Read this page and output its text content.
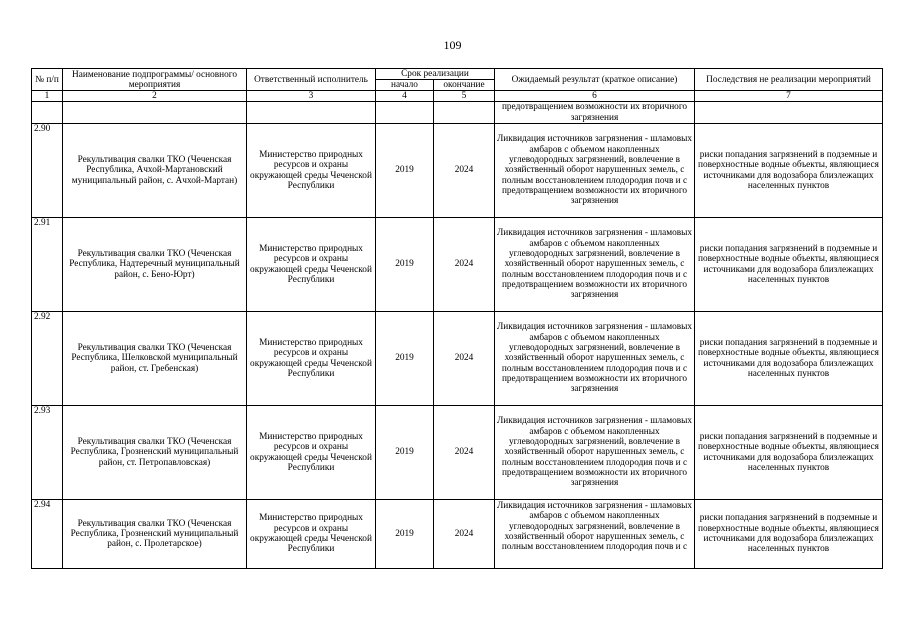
109
№ п/п	Наименование подпрограммы/ основного мероприятия	Ответственный исполнитель	Срок реализации		Ожидаемый результат (краткое описание)	Последствия не реализации мероприятий
			начало	окончание		
1	2	3	4	5	6	7
					предотвращением возможности их вторичного загрязнения	
2.90	Рекультивация свалки ТКО (Чеченская Республика, Ачхой-Мартановский муниципальный район, с. Ачхой-Мартан)	Министерство природных ресурсов и охраны окружающей среды Чеченской Республики	2019	2024	Ликвидация источников загрязнения - шламовых амбаров с объемом накопленных углеводородных загрязнений, вовлечение в хозяйственный оборот нарушенных земель, с полным восстановлением плодородия почв и с предотвращением возможности их вторичного загрязнения	риски попадания загрязнений в подземные и поверхностные водные объекты, являющиеся источниками для водозабора близлежащих населенных пунктов
2.91	Рекультивация свалки ТКО (Чеченская Республика, Надтеречный муниципальный район, с. Бено-Юрт)	Министерство природных ресурсов и охраны окружающей среды Чеченской Республики	2019	2024	Ликвидация источников загрязнения - шламовых амбаров с объемом накопленных углеводородных загрязнений, вовлечение в хозяйственный оборот нарушенных земель, с полным восстановлением плодородия почв и с предотвращением возможности их вторичного загрязнения	риски попадания загрязнений в подземные и поверхностные водные объекты, являющиеся источниками для водозабора близлежащих населенных пунктов
2.92	Рекультивация свалки ТКО (Чеченская Республика, Шелковской муниципальный район, ст. Гребенская)	Министерство природных ресурсов и охраны окружающей среды Чеченской Республики	2019	2024	Ликвидация источников загрязнения - шламовых амбаров с объемом накопленных углеводородных загрязнений, вовлечение в хозяйственный оборот нарушенных земель, с полным восстановлением плодородия почв и с предотвращением возможности их вторичного загрязнения	риски попадания загрязнений в подземные и поверхностные водные объекты, являющиеся источниками для водозабора близлежащих населенных пунктов
2.93	Рекультивация свалки ТКО (Чеченская Республика, Грозненский муниципальный район, ст. Петропавловская)	Министерство природных ресурсов и охраны окружающей среды Чеченской Республики	2019	2024	Ликвидация источников загрязнения - шламовых амбаров с объемом накопленных углеводородных загрязнений, вовлечение в хозяйственный оборот нарушенных земель, с полным восстановлением плодородия почв и с предотвращением возможности их вторичного загрязнения	риски попадания загрязнений в подземные и поверхностные водные объекты, являющиеся источниками для водозабора близлежащих населенных пунктов
2.94	Рекультивация свалки ТКО (Чеченская Республика, Грозненский муниципальный район, с. Пролетарское)	Министерство природных ресурсов и охраны окружающей среды Чеченской Республики	2019	2024	Ликвидация источников загрязнения - шламовых амбаров с объемом накопленных углеводородных загрязнений, вовлечение в хозяйственный оборот нарушенных земель, с полным восстановлением плодородия почв и с	риски попадания загрязнений в подземные и поверхностные водные объекты, являющиеся источниками для водозабора близлежащих населенных пунктов
